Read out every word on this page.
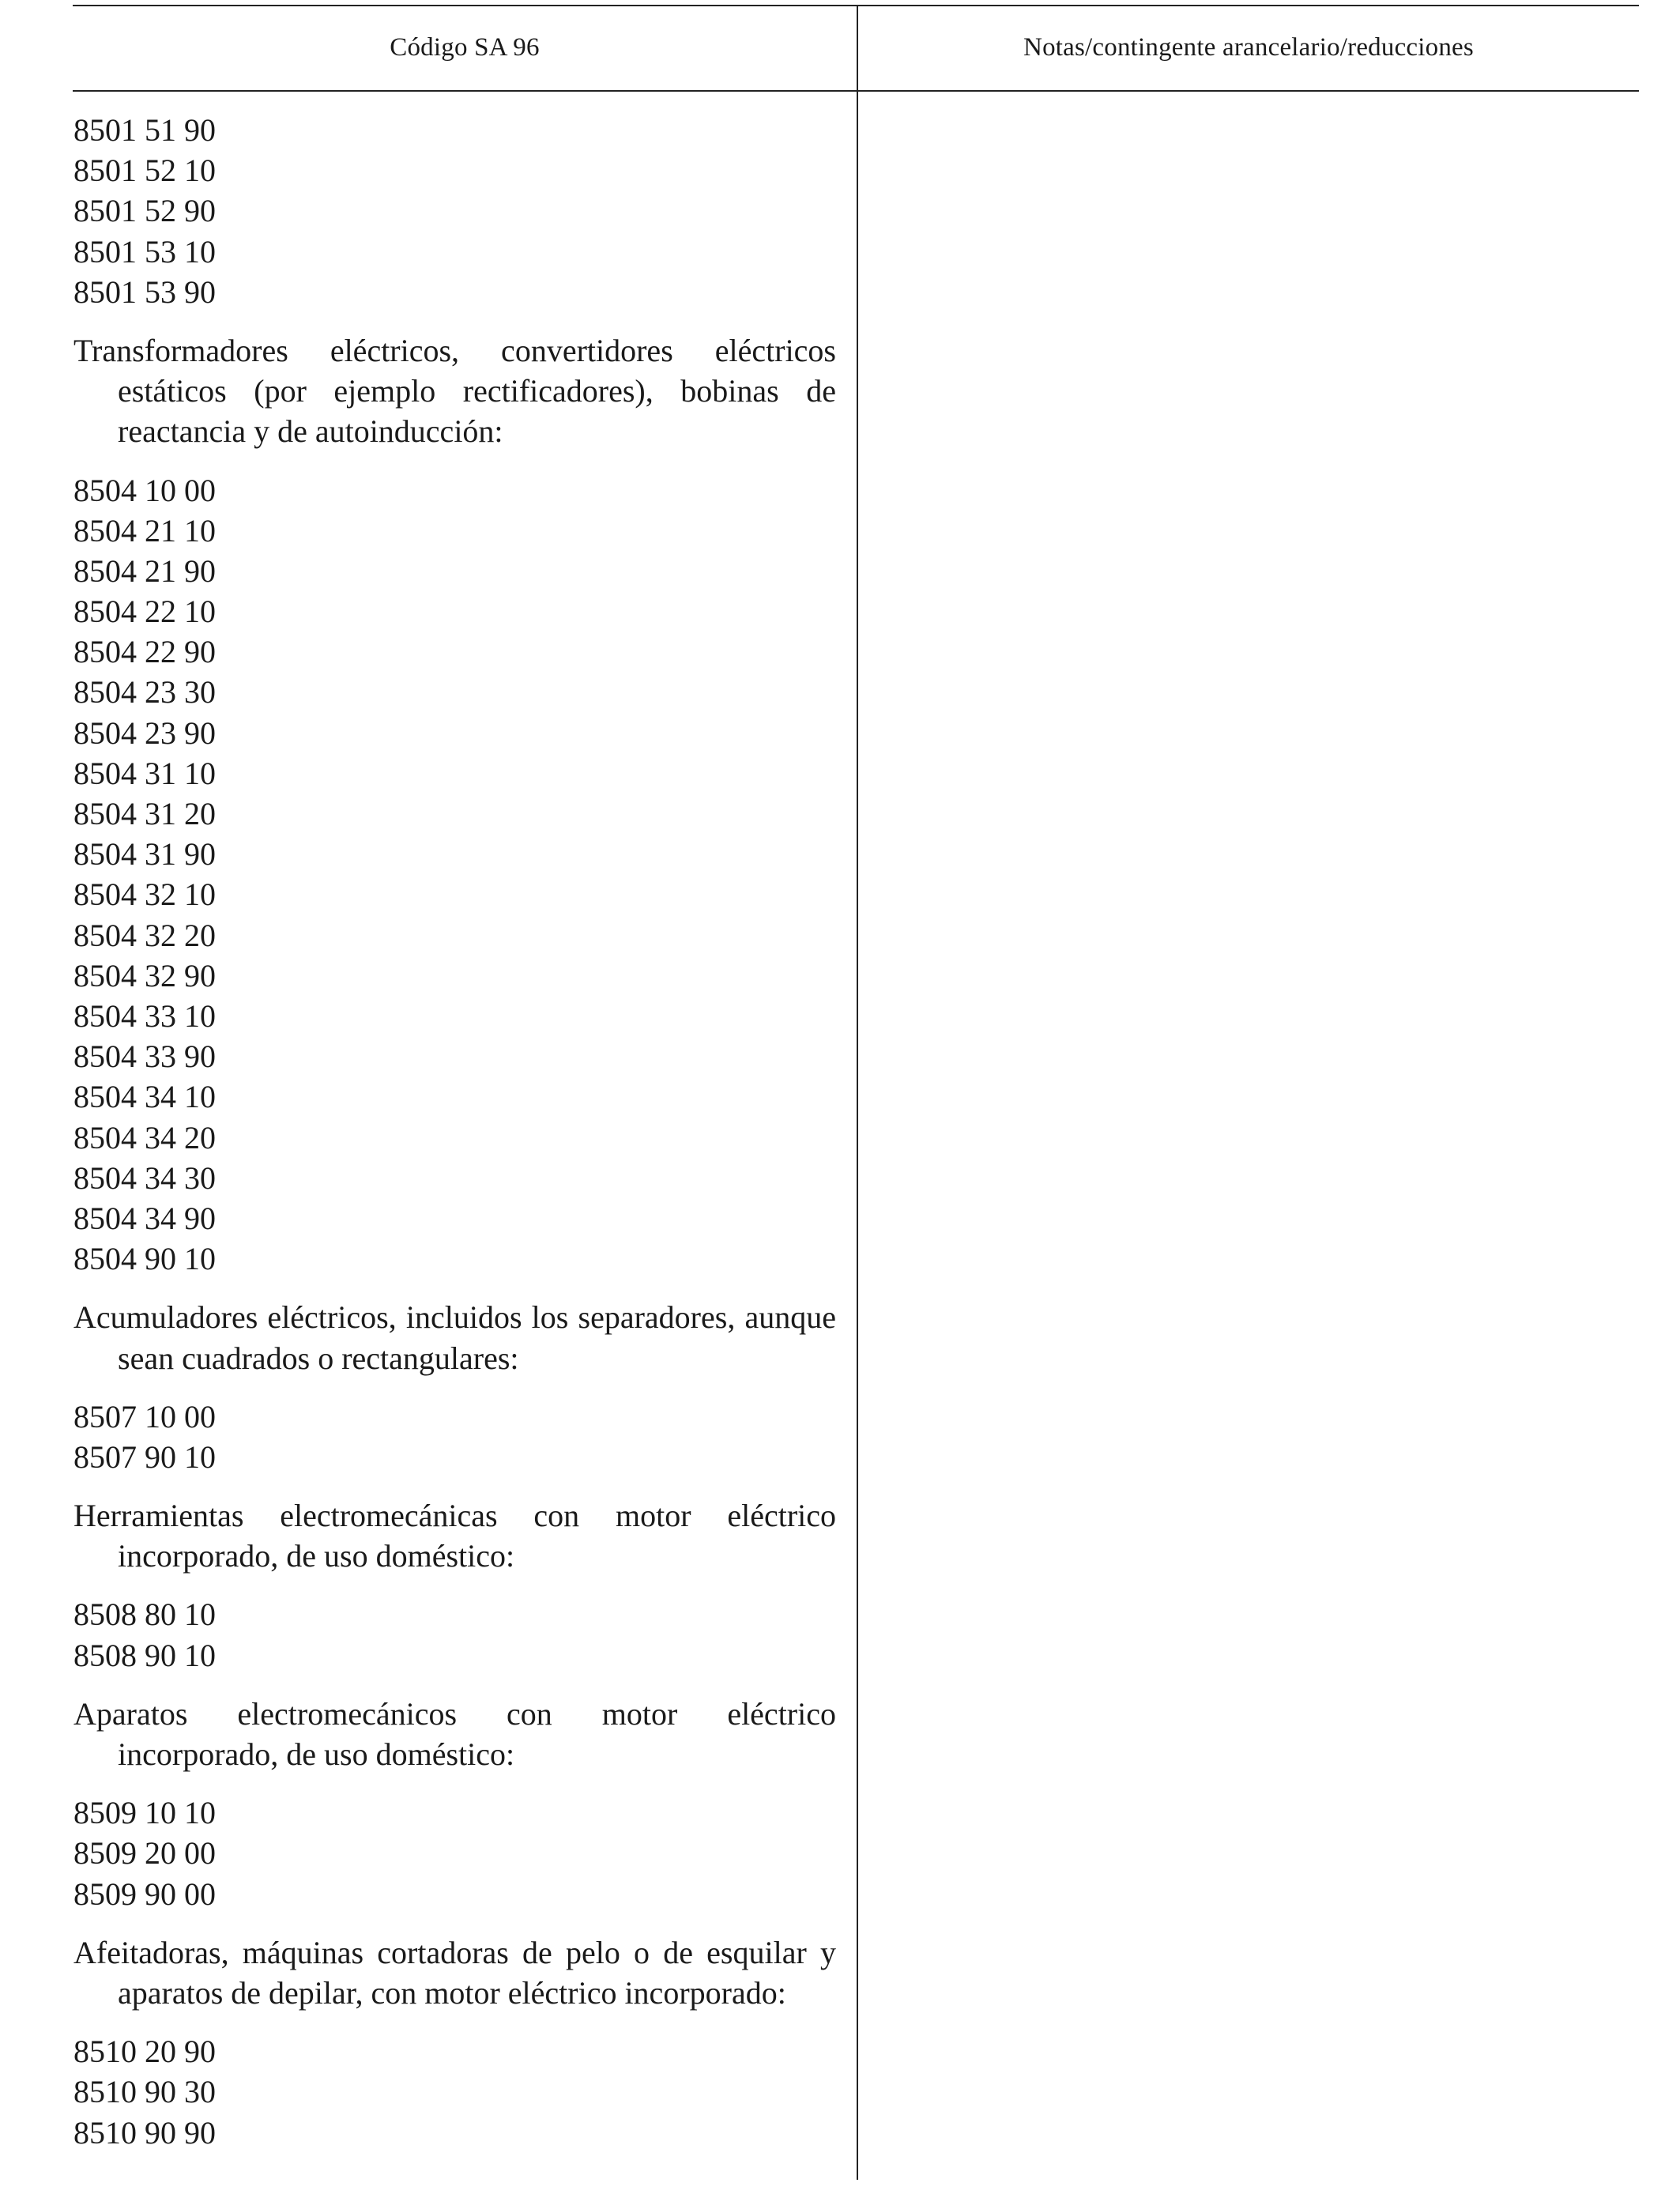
Código SA 96	Notas/contingente arancelario/reducciones
8501 51 90
8501 52 10
8501 52 90
8501 53 10
8501 53 90
Transformadores eléctricos, convertidores eléctricos estáticos (por ejemplo rectificadores), bobinas de reactancia y de autoinducción:
8504 10 00
8504 21 10
8504 21 90
8504 22 10
8504 22 90
8504 23 30
8504 23 90
8504 31 10
8504 31 20
8504 31 90
8504 32 10
8504 32 20
8504 32 90
8504 33 10
8504 33 90
8504 34 10
8504 34 20
8504 34 30
8504 34 90
8504 90 10
Acumuladores eléctricos, incluidos los separadores, aunque sean cuadrados o rectangulares:
8507 10 00
8507 90 10
Herramientas electromecánicas con motor eléctrico incorporado, de uso doméstico:
8508 80 10
8508 90 10
Aparatos electromecánicos con motor eléctrico incorporado, de uso doméstico:
8509 10 10
8509 20 00
8509 90 00
Afeitadoras, máquinas cortadoras de pelo o de esquilar y aparatos de depilar, con motor eléctrico incorporado:
8510 20 90
8510 90 30
8510 90 90
